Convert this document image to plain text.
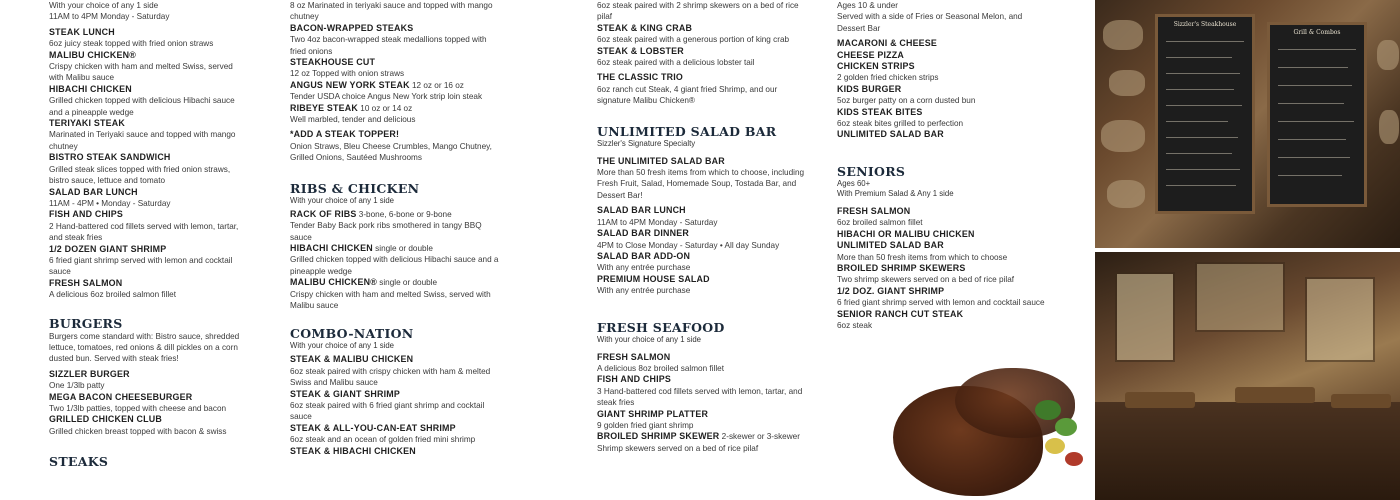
With your choice of any 1 side
11AM to 4PM Monday - Saturday
STEAK LUNCH
6oz juicy steak topped with fried onion straws
MALIBU CHICKEN®
Crispy chicken with ham and melted Swiss, served with Malibu sauce
HIBACHI CHICKEN
Grilled chicken topped with delicious Hibachi sauce and a pineapple wedge
TERIYAKI STEAK
Marinated in Teriyaki sauce and topped with mango chutney
BISTRO STEAK SANDWICH
Grilled steak slices topped with fried onion straws, bistro sauce, lettuce and tomato
SALAD BAR LUNCH
11AM - 4PM • Monday - Saturday
FISH AND CHIPS
2 Hand-battered cod fillets served with lemon, tartar, and steak fries
1/2 DOZEN GIANT SHRIMP
6 fried giant shrimp served with lemon and cocktail sauce
FRESH SALMON
A delicious 6oz broiled salmon fillet
BURGERS
Burgers come standard with: Bistro sauce, shredded lettuce, tomatoes, red onions & dill pickles on a corn dusted bun. Served with steak fries!
SIZZLER BURGER
One 1/3lb patty
MEGA BACON CHEESEBURGER
Two 1/3lb patties, topped with cheese and bacon
GRILLED CHICKEN CLUB
Grilled chicken breast topped with bacon & swiss
STEAKS
8 oz Marinated in teriyaki sauce and topped with mango chutney
BACON-WRAPPED STEAKS
Two 4oz bacon-wrapped steak medallions topped with fried onions
STEAKHOUSE CUT
12 oz Topped with onion straws
ANGUS NEW YORK STEAK 12 oz or 16 oz
Tender USDA choice Angus New York strip loin steak
RIBEYE STEAK 10 oz or 14 oz
Well marbled, tender and delicious
*ADD A STEAK TOPPER!
Onion Straws, Bleu Cheese Crumbles, Mango Chutney, Grilled Onions, Sautéed Mushrooms
RIBS & CHICKEN
With your choice of any 1 side
RACK OF RIBS 3-bone, 6-bone or 9-bone
Tender Baby Back pork ribs smothered in tangy BBQ sauce
HIBACHI CHICKEN single or double
Grilled chicken topped with delicious Hibachi sauce and a pineapple wedge
MALIBU CHICKEN® single or double
Crispy chicken with ham and melted Swiss, served with Malibu sauce
COMBO-NATION
With your choice of any 1 side
STEAK & MALIBU CHICKEN
6oz steak paired with crispy chicken with ham & melted Swiss and Malibu sauce
STEAK & GIANT SHRIMP
6oz steak paired with 6 fried giant shrimp and cocktail sauce
STEAK & ALL-YOU-CAN-EAT SHRIMP
6oz steak and an ocean of golden fried mini shrimp
STEAK & HIBACHI CHICKEN
6oz steak paired with 2 shrimp skewers on a bed of rice pilaf
STEAK & KING CRAB
6oz steak paired with a generous portion of king crab
STEAK & LOBSTER
6oz steak paired with a delicious lobster tail
THE CLASSIC TRIO
6oz ranch cut Steak, 4 giant fried Shrimp, and our signature Malibu Chicken®
UNLIMITED SALAD BAR
Sizzler's Signature Specialty
THE UNLIMITED SALAD BAR
More than 50 fresh items from which to choose, including Fresh Fruit, Salad, Homemade Soup, Tostada Bar, and Dessert Bar!
SALAD BAR LUNCH
11AM to 4PM Monday - Saturday
SALAD BAR DINNER
4PM to Close Monday - Saturday • All day Sunday
SALAD BAR ADD-ON
With any entrée purchase
PREMIUM HOUSE SALAD
With any entrée purchase
FRESH SEAFOOD
With your choice of any 1 side
FRESH SALMON
A delicious 8oz broiled salmon fillet
FISH AND CHIPS
3 Hand-battered cod fillets served with lemon, tartar, and steak fries
GIANT SHRIMP PLATTER
9 golden fried giant shrimp
BROILED SHRIMP SKEWER 2-skewer or 3-skewer
Shrimp skewers served on a bed of rice pilaf
Ages 10 & under
Served with a side of Fries or Seasonal Melon, and Dessert Bar
MACARONI & CHEESE
CHEESE PIZZA
CHICKEN STRIPS
2 golden fried chicken strips
KIDS BURGER
5oz burger patty on a corn dusted bun
KIDS STEAK BITES
6oz steak bites grilled to perfection
UNLIMITED SALAD BAR
SENIORS
Ages 60+
With Premium Salad & Any 1 side
FRESH SALMON
6oz broiled salmon fillet
HIBACHI OR MALIBU CHICKEN
UNLIMITED SALAD BAR
More than 50 fresh items from which to choose
BROILED SHRIMP SKEWERS
Two shrimp skewers served on a bed of rice pilaf
1/2 DOZ. GIANT SHRIMP
6 fried giant shrimp served with lemon and cocktail sauce
SENIOR RANCH CUT STEAK
6oz steak
Sizzler's Steakhouse
Grill & Combos
